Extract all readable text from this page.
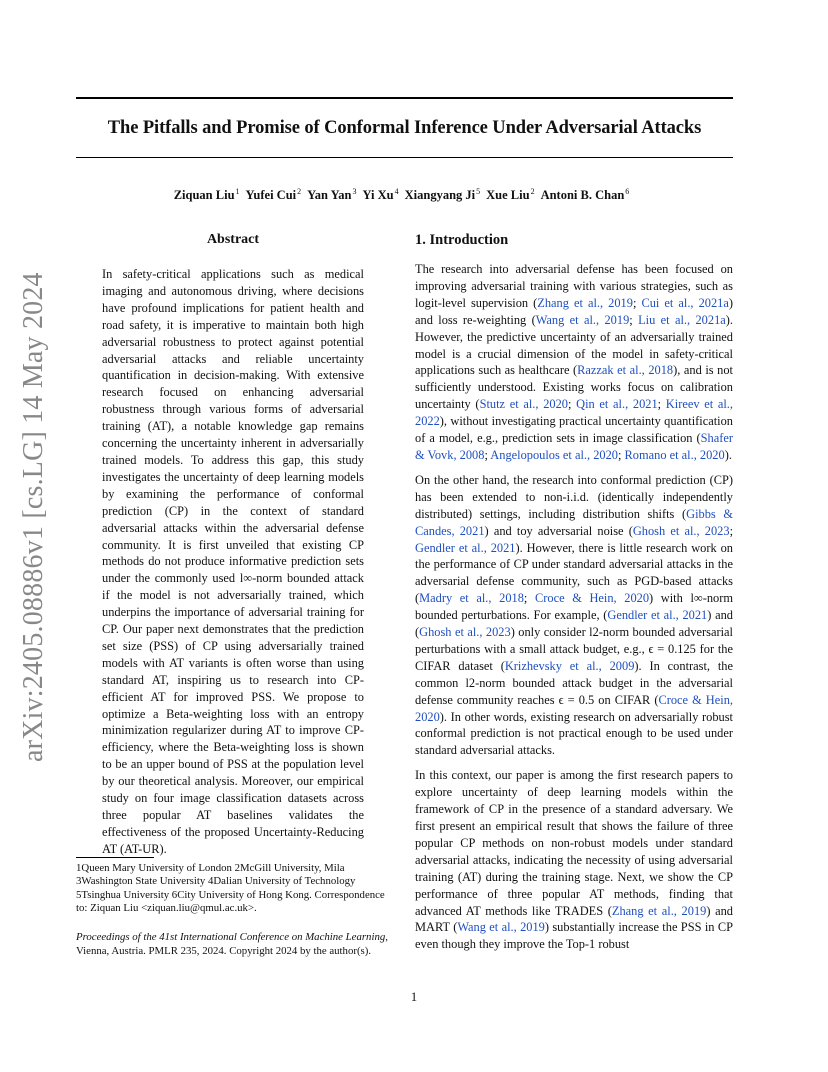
arXiv:2405.08886v1 [cs.LG] 14 May 2024
The Pitfalls and Promise of Conformal Inference Under Adversarial Attacks
Ziquan Liu$^1$ Yufei Cui$^2$ Yan Yan$^3$ Yi Xu$^4$ Xiangyang Ji$^5$ Xue Liu$^2$ Antoni B. Chan$^6$
Abstract
In safety-critical applications such as medical imaging and autonomous driving, where decisions have profound implications for patient health and road safety, it is imperative to maintain both high adversarial robustness to protect against potential adversarial attacks and reliable uncertainty quantification in decision-making. With extensive research focused on enhancing adversarial robustness through various forms of adversarial training (AT), a notable knowledge gap remains concerning the uncertainty inherent in adversarially trained models. To address this gap, this study investigates the uncertainty of deep learning models by examining the performance of conformal prediction (CP) in the context of standard adversarial attacks within the adversarial defense community. It is first unveiled that existing CP methods do not produce informative prediction sets under the commonly used l∞-norm bounded attack if the model is not adversarially trained, which underpins the importance of adversarial training for CP. Our paper next demonstrates that the prediction set size (PSS) of CP using adversarially trained models with AT variants is often worse than using standard AT, inspiring us to research into CP-efficient AT for improved PSS. We propose to optimize a Beta-weighting loss with an entropy minimization regularizer during AT to improve CP-efficiency, where the Beta-weighting loss is shown to be an upper bound of PSS at the population level by our theoretical analysis. Moreover, our empirical study on four image classification datasets across three popular AT baselines validates the effectiveness of the proposed Uncertainty-Reducing AT (AT-UR).
1. Introduction

The research into adversarial defense has been focused on improving adversarial training with various strategies, such as logit-level supervision (Zhang et al., 2019; Cui et al., 2021a) and loss re-weighting (Wang et al., 2019; Liu et al., 2021a). However, the predictive uncertainty of an adversarially trained model is a crucial dimension of the model in safety-critical applications such as healthcare (Razzak et al., 2018), and is not sufficiently understood. Existing works focus on calibration uncertainty (Stutz et al., 2020; Qin et al., 2021; Kireev et al., 2022), without investigating practical uncertainty quantification of a model, e.g., prediction sets in image classification (Shafer & Vovk, 2008; Angelopoulos et al., 2020; Romano et al., 2020).

On the other hand, the research into conformal prediction (CP) has been extended to non-i.i.d. (identically independently distributed) settings, including distribution shifts (Gibbs & Candes, 2021) and toy adversarial noise (Ghosh et al., 2023; Gendler et al., 2021). However, there is little research work on the performance of CP under standard adversarial attacks in the adversarial defense community, such as PGD-based attacks (Madry et al., 2018; Croce & Hein, 2020) with l∞-norm bounded perturbations. For example, (Gendler et al., 2021) and (Ghosh et al., 2023) only consider l2-norm bounded adversarial perturbations with a small attack budget, e.g., ϵ = 0.125 for the CIFAR dataset (Krizhevsky et al., 2009). In contrast, the common l2-norm bounded attack budget in the adversarial defense community reaches ϵ = 0.5 on CIFAR (Croce & Hein, 2020). In other words, existing research on adversarially robust conformal prediction is not practical enough to be used under standard adversarial attacks.

In this context, our paper is among the first research papers to explore uncertainty of deep learning models within the framework of CP in the presence of a standard adversary. We first present an empirical result that shows the failure of three popular CP methods on non-robust models under standard adversarial attacks, indicating the necessity of using adversarial training (AT) during the training stage. Next, we show the CP performance of three popular AT methods, finding that advanced AT methods like TRADES (Zhang et al., 2019) and MART (Wang et al., 2019) substantially increase the PSS in CP even though they improve the Top-1 robust

1Queen Mary University of London 2McGill University, Mila 3Washington State University 4Dalian University of Technology 5Tsinghua University 6City University of Hong Kong. Correspondence to: Ziquan Liu <ziquan.liu@qmul.ac.uk>.
Proceedings of the 41st International Conference on Machine Learning, Vienna, Austria. PMLR 235, 2024. Copyright 2024 by the author(s).
1
